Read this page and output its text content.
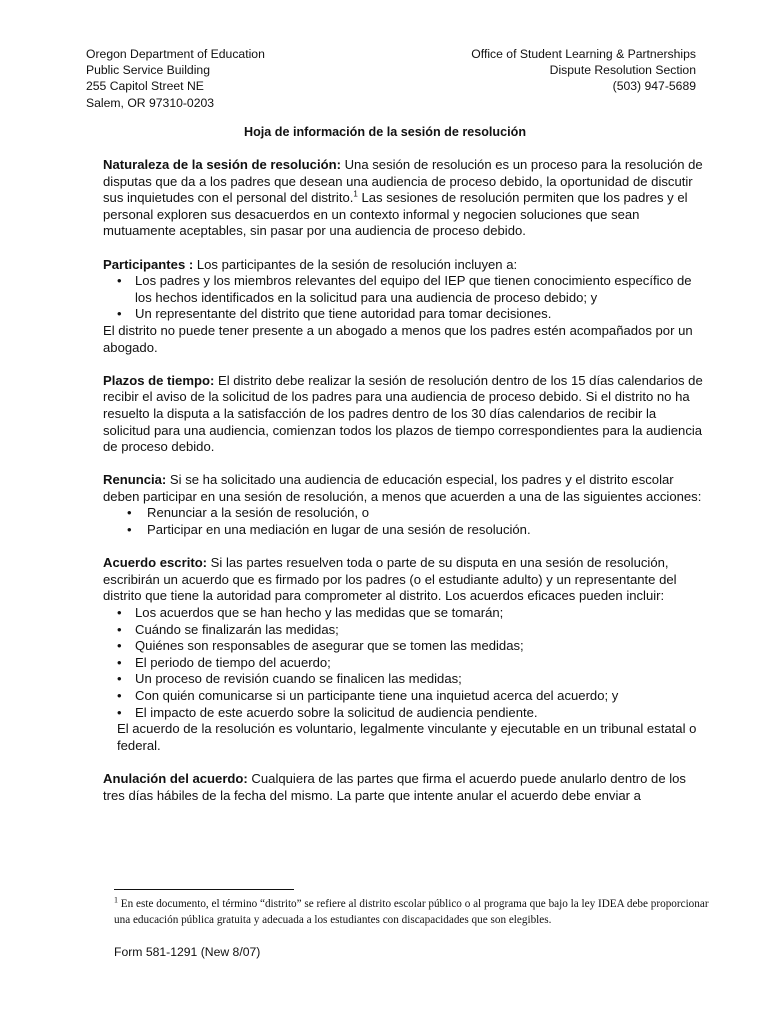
Oregon Department of Education
Public Service Building
255 Capitol Street NE
Salem, OR 97310-0203
Office of Student Learning & Partnerships
Dispute Resolution Section
(503) 947-5689
Hoja de información de la sesión de resolución

Naturaleza de la sesión de resolución: Una sesión de resolución es un proceso para la resolución de disputas que da a los padres que desean una audiencia de proceso debido, la oportunidad de discutir sus inquietudes con el personal del distrito.$^1$ Las sesiones de resolución permiten que los padres y el personal exploren sus desacuerdos en un contexto informal y negocien soluciones que sean mutuamente aceptables, sin pasar por una audiencia de proceso debido.

Participantes : Los participantes de la sesión de resolución incluyen a:

• Los padres y los miembros relevantes del equipo del IEP que tienen conocimiento específico de los hechos identificados en la solicitud para una audiencia de proceso debido; y
• Un representante del distrito que tiene autoridad para tomar decisiones.

El distrito no puede tener presente a un abogado a menos que los padres estén acompañados por un abogado.

Plazos de tiempo: El distrito debe realizar la sesión de resolución dentro de los 15 días calendarios de recibir el aviso de la solicitud de los padres para una audiencia de proceso debido. Si el distrito no ha resuelto la disputa a la satisfacción de los padres dentro de los 30 días calendarios de recibir la solicitud para una audiencia, comienzan todos los plazos de tiempo correspondientes para la audiencia de proceso debido.

Renuncia: Si se ha solicitado una audiencia de educación especial, los padres y el distrito escolar deben participar en una sesión de resolución, a menos que acuerden a una de las siguientes acciones:

• Renunciar a la sesión de resolución, o
• Participar en una mediación en lugar de una sesión de resolución.

Acuerdo escrito: Si las partes resuelven toda o parte de su disputa en una sesión de resolución, escribirán un acuerdo que es firmado por los padres (o el estudiante adulto) y un representante del distrito que tiene la autoridad para comprometer al distrito. Los acuerdos eficaces pueden incluir:

• Los acuerdos que se han hecho y las medidas que se tomarán;
• Cuándo se finalizarán las medidas;
• Quiénes son responsables de asegurar que se tomen las medidas;
• El periodo de tiempo del acuerdo;
• Un proceso de revisión cuando se finalicen las medidas;
• Con quién comunicarse si un participante tiene una inquietud acerca del acuerdo; y
• El impacto de este acuerdo sobre la solicitud de audiencia pendiente.

El acuerdo de la resolución es voluntario, legalmente vinculante y ejecutable en un tribunal estatal o federal.

Anulación del acuerdo: Cualquiera de las partes que firma el acuerdo puede anularlo dentro de los tres días hábiles de la fecha del mismo. La parte que intente anular el acuerdo debe enviar a

$^1$ En este documento, el término “distrito” se refiere al distrito escolar público o al programa que bajo la ley IDEA debe proporcionar una educación pública gratuita y adecuada a los estudiantes con discapacidades que son elegibles.
Form 581-1291 (New 8/07)
